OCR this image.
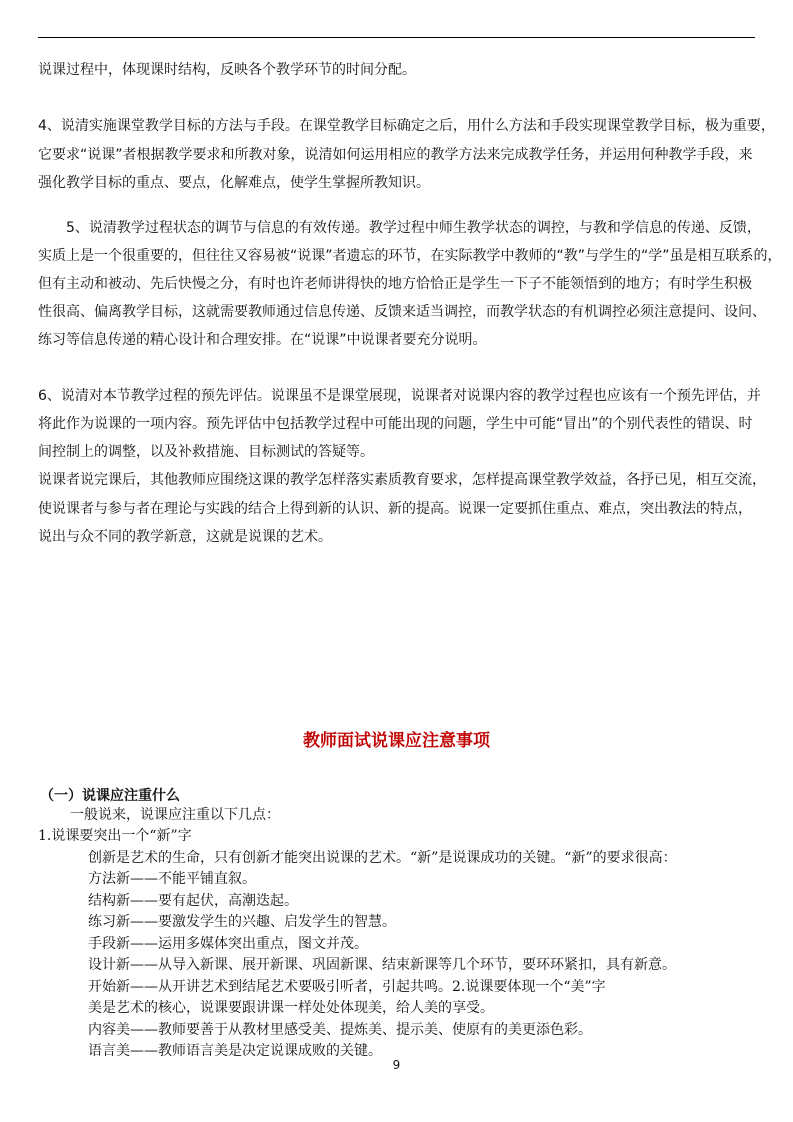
说课过程中，体现课时结构，反映各个教学环节的时间分配。
4、说清实施课堂教学目标的方法与手段。在课堂教学目标确定之后，用什么方法和手段实现课堂教学目标，极为重要，
它要求“说课”者根据教学要求和所教对象，说清如何运用相应的教学方法来完成教学任务，并运用何种教学手段，来
强化教学目标的重点、要点，化解难点，使学生掌握所教知识。
5、说清教学过程状态的调节与信息的有效传递。教学过程中师生教学状态的调控，与教和学信息的传递、反馈，
实质上是一个很重要的，但往往又容易被“说课”者遗忘的环节，在实际教学中教师的“教”与学生的“学”虽是相互联系的，
但有主动和被动、先后快慢之分，有时也许老师讲得快的地方恰恰正是学生一下子不能领悟到的地方；有时学生积极
性很高、偏离教学目标，这就需要教师通过信息传递、反馈来适当调控，而教学状态的有机调控必须注意提问、设问、
练习等信息传递的精心设计和合理安排。在“说课”中说课者要充分说明。
6、说清对本节教学过程的预先评估。说课虽不是课堂展现，说课者对说课内容的教学过程也应该有一个预先评估，并
将此作为说课的一项内容。预先评估中包括教学过程中可能出现的问题，学生中可能“冒出”的个别代表性的错误、时
间控制上的调整，以及补救措施、目标测试的答疑等。
说课者说完课后，其他教师应围绕这课的教学怎样落实素质教育要求，怎样提高课堂教学效益，各抒已见，相互交流，
使说课者与参与者在理论与实践的结合上得到新的认识、新的提高。说课一定要抓住重点、难点，突出教法的特点，
说出与众不同的教学新意，这就是说课的艺术。
教师面试说课应注意事项
（一）说课应注重什么
一般说来，说课应注重以下几点：
1.说课要突出一个“新”字
创新是艺术的生命，只有创新才能突出说课的艺术。“新”是说课成功的关键。“新”的要求很高：
方法新——不能平铺直叙。
结构新——要有起伏，高潮迭起。
练习新——要激发学生的兴趣、启发学生的智慧。
手段新——运用多媒体突出重点，图文并茂。
设计新——从导入新课、展开新课、巩固新课、结束新课等几个环节，要环环紧扣，具有新意。
开始新——从开讲艺术到结尾艺术要吸引听者，引起共鸣。2.说课要体现一个“美”字
美是艺术的核心，说课要跟讲课一样处处体现美，给人美的享受。
内容美——教师要善于从教材里感受美、提炼美、提示美、使原有的美更添色彩。
语言美——教师语言美是决定说课成败的关键。
9
